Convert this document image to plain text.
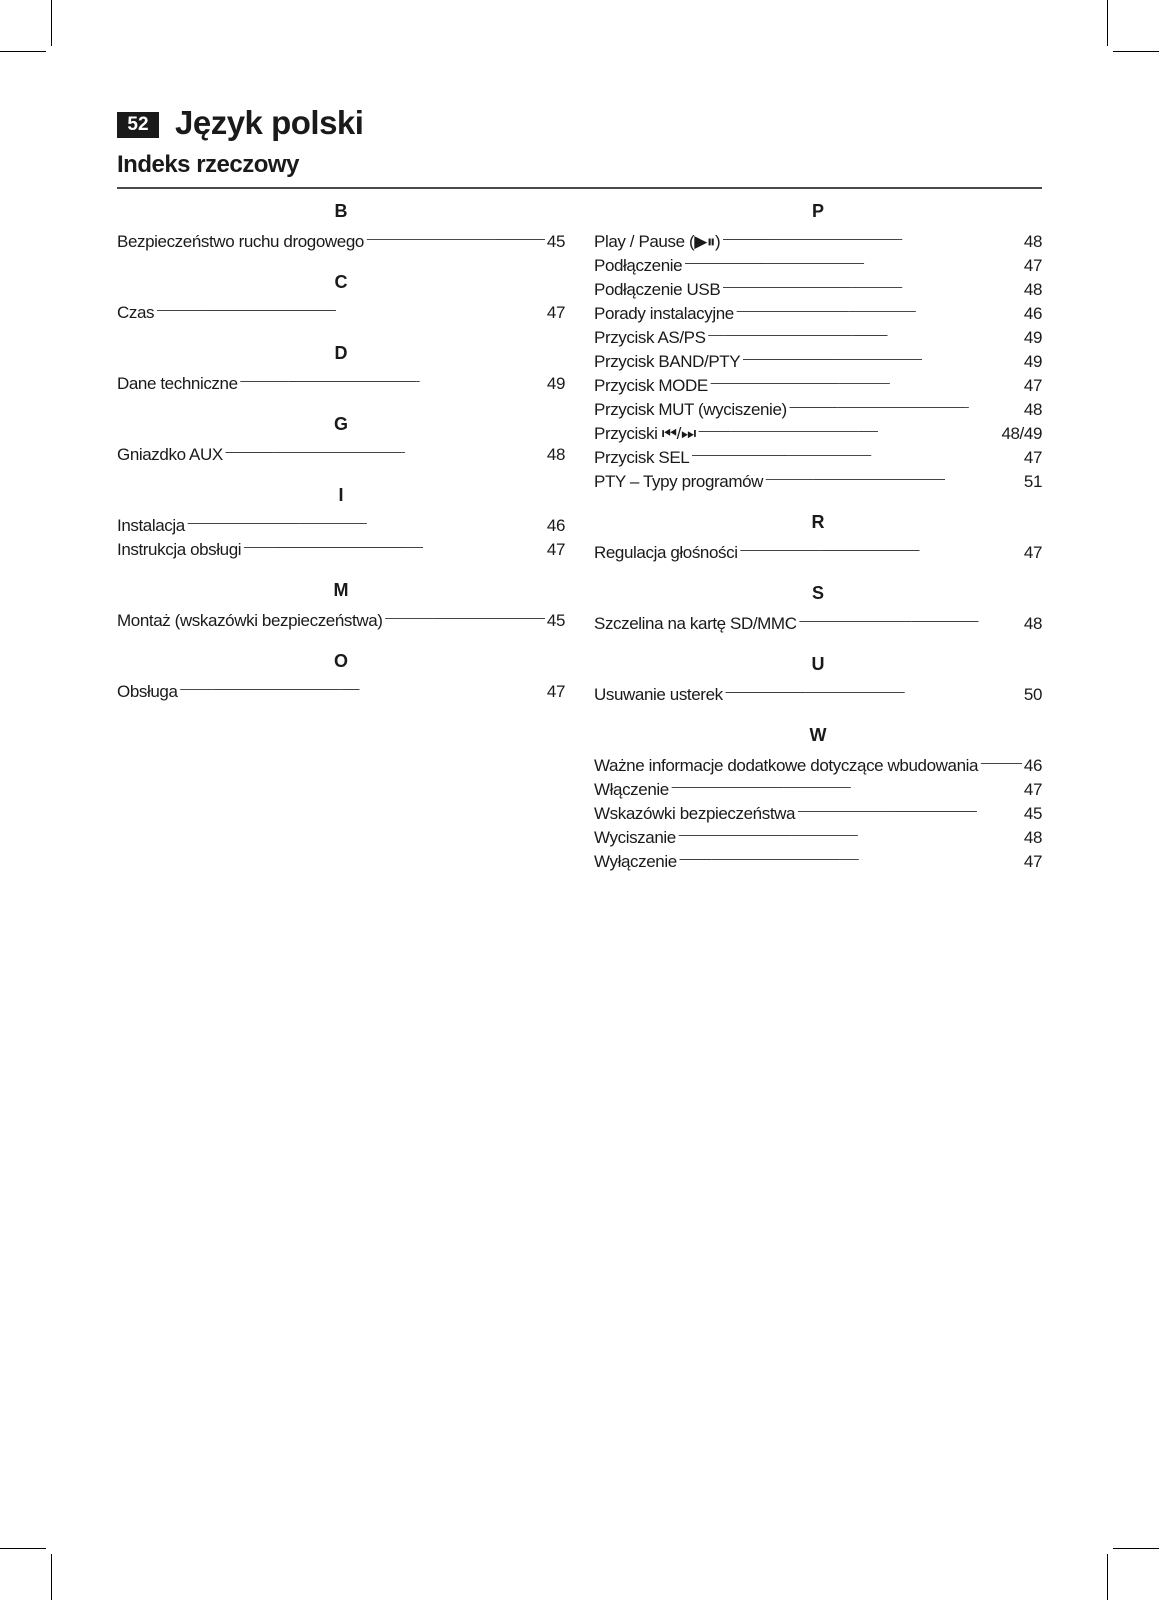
52 Język polski
Indeks rzeczowy
B
Bezpieczeństwo ruchu drogowego . . .	45
C
Czas . . .	47
D
Dane techniczne . . .	49
G
Gniazdko AUX . . .	48
I
Instalacja . . .	46
Instrukcja obsługi . . .	47
M
Montaż (wskazówki bezpieczeństwa) . . .	45
O
Obsługa . . .	47
P
Play / Pause (▶⏸) . . .	48
Podłączenie . . .	47
Podłączenie USB . . .	48
Porady instalacyjne . . .	46
Przycisk AS/PS . . .	49
Przycisk BAND/PTY . . .	49
Przycisk MODE . . .	47
Przycisk MUT (wyciszenie) . . .	48
Przyciski ⏮/⏭ . . .	48/49
Przycisk SEL . . .	47
PTY – Typy programów . . .	51
R
Regulacja głośności . . .	47
S
Szczelina na kartę SD/MMC . . .	48
U
Usuwanie usterek . . .	50
W
Ważne informacje dodatkowe dotyczące wbudowania . . .	46
Włączenie . . .	47
Wskazówki bezpieczeństwa . . .	45
Wyciszanie . . .	48
Wyłączenie . . .	47
